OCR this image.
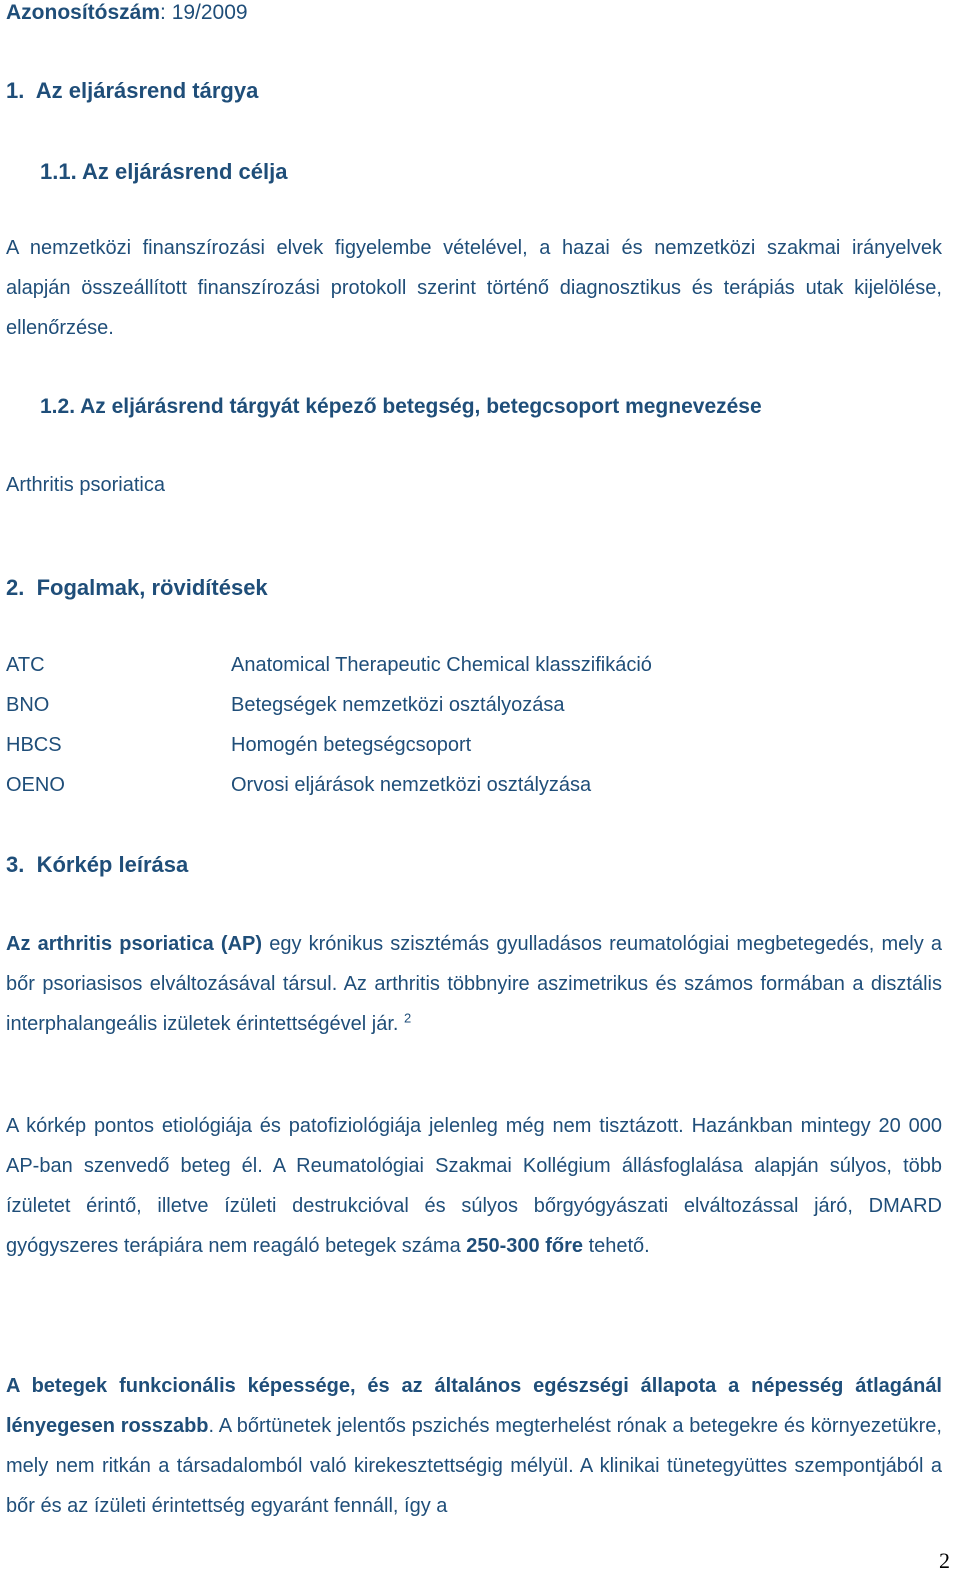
Azonosítószám: 19/2009
1.  Az eljárásrend tárgya
1.1. Az eljárásrend célja
A nemzetközi finanszírozási elvek figyelembe vételével, a hazai és nemzetközi szakmai irányelvek alapján összeállított finanszírozási protokoll szerint történő diagnosztikus és terápiás utak kijelölése, ellenőrzése.
1.2. Az eljárásrend tárgyát képező betegség, betegcsoport megnevezése
Arthritis psoriatica
2.  Fogalmak, rövidítések
ATC	Anatomical Therapeutic Chemical klasszifikáció
BNO	Betegségek nemzetközi osztályozása
HBCS	Homogén betegségcsoport
OENO	Orvosi eljárások nemzetközi osztályzása
3.  Kórkép leírása
Az arthritis psoriatica (AP) egy krónikus szisztémás gyulladásos reumatológiai megbetegedés, mely a bőr psoriasisos elváltozásával társul. Az arthritis többnyire aszimetrikus és számos formában a disztális interphalangeális izületek érintettségével jár. $^2$
A kórkép pontos etiológiája és patofiziológiája jelenleg még nem tisztázott. Hazánkban mintegy 20 000 AP-ban szenvedő beteg él. A Reumatológiai Szakmai Kollégium állásfoglalása alapján súlyos, több ízületet érintő, illetve ízületi destrukcióval és súlyos bőrgyógyászati elváltozással járó, DMARD gyógyszeres terápiára nem reagáló betegek száma 250-300 főre tehető.
A betegek funkcionális képessége, és az általános egészségi állapota a népesség átlagánál lényegesen rosszabb. A bőrtünetek jelentős pszichés megterhelést rónak a betegekre és környezetükre, mely nem ritkán a társadalomból való kirekesztettségig mélyül. A klinikai tünetegyüttes szempontjából a bőr és az ízületi érintettség egyaránt fennáll, így a
2
